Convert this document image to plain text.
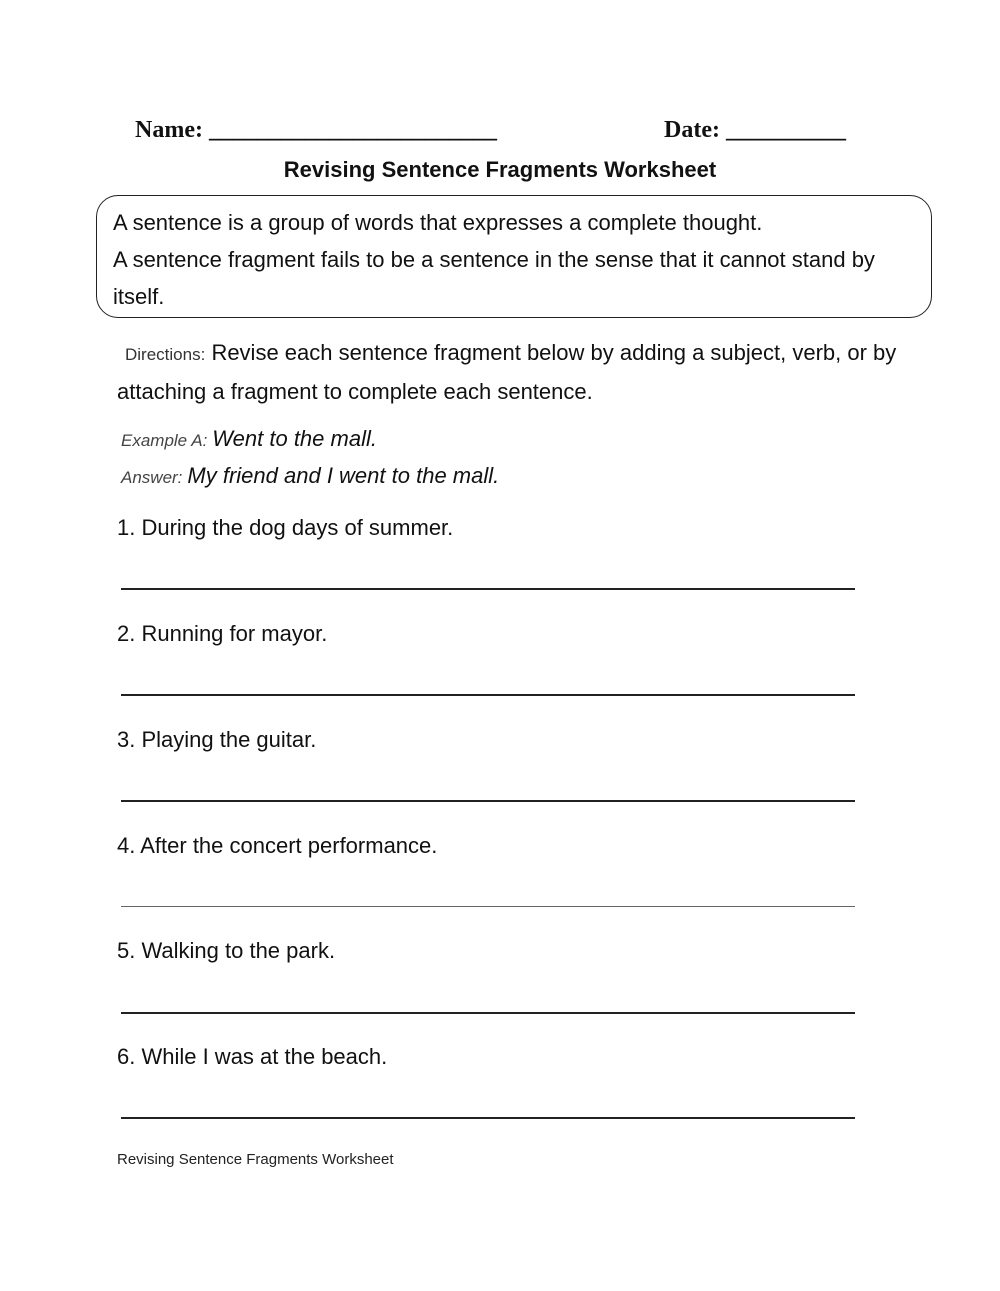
Name: ________________________	Date: __________
Revising Sentence Fragments Worksheet
A sentence is a group of words that expresses a complete thought.
A sentence fragment fails to be a sentence in the sense that it cannot stand by itself.
Directions: Revise each sentence fragment below by adding a subject, verb, or by attaching a fragment to complete each sentence.
Example A: Went to the mall.
Answer: My friend and I went to the mall.
1. During the dog days of summer.
2. Running for mayor.
3. Playing the guitar.
4. After the concert performance.
5. Walking to the park.
6. While I was at the beach.
Revising Sentence Fragments Worksheet
